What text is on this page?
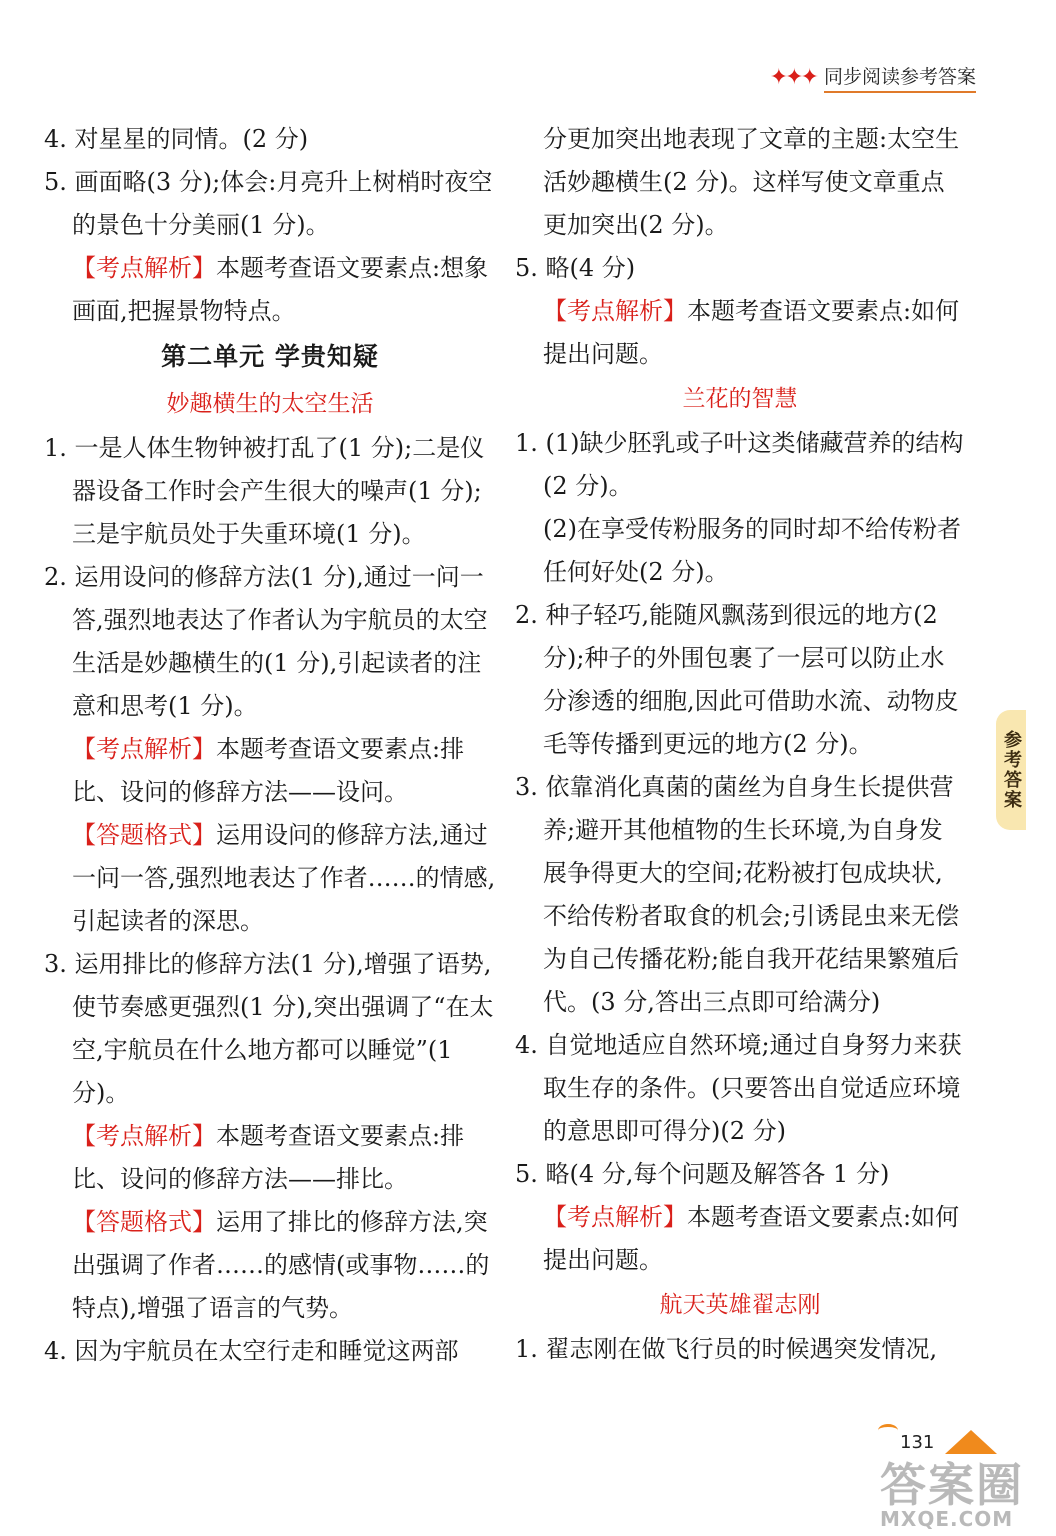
✦✦✦ 同步阅读参考答案

4. 对星星的同情。(2 分)

5. 画面略(3 分);体会:月亮升上树梢时夜空的景色十分美丽(1 分)。

【考点解析】本题考查语文要素点:想象画面,把握景物特点。

第二单元 学贵知疑

妙趣横生的太空生活

1. 一是人体生物钟被打乱了(1 分);二是仪器设备工作时会产生很大的噪声(1 分);三是宇航员处于失重环境(1 分)。

2. 运用设问的修辞方法(1 分),通过一问一答,强烈地表达了作者认为宇航员的太空生活是妙趣横生的(1 分),引起读者的注意和思考(1 分)。

【考点解析】本题考查语文要素点:排比、设问的修辞方法——设问。

【答题格式】运用设问的修辞方法,通过一问一答,强烈地表达了作者……的情感,引起读者的深思。

3. 运用排比的修辞方法(1 分),增强了语势,使节奏感更强烈(1 分),突出强调了“在太空,宇航员在什么地方都可以睡觉”(1 分)。

【考点解析】本题考查语文要素点:排比、设问的修辞方法——排比。

【答题格式】运用了排比的修辞方法,突出强调了作者……的感情(或事物……的特点),增强了语言的气势。

4. 因为宇航员在太空行走和睡觉这两部

分更加突出地表现了文章的主题:太空生活妙趣横生(2 分)。这样写使文章重点更加突出(2 分)。

5. 略(4 分)

【考点解析】本题考查语文要素点:如何提出问题。

兰花的智慧

1. (1)缺少胚乳或子叶这类储藏营养的结构(2 分)。

(2)在享受传粉服务的同时却不给传粉者任何好处(2 分)。

2. 种子轻巧,能随风飘荡到很远的地方(2 分);种子的外围包裹了一层可以防止水分渗透的细胞,因此可借助水流、动物皮毛等传播到更远的地方(2 分)。

3. 依靠消化真菌的菌丝为自身生长提供营养;避开其他植物的生长环境,为自身发展争得更大的空间;花粉被打包成块状,不给传粉者取食的机会;引诱昆虫来无偿为自己传播花粉;能自我开花结果繁殖后代。(3 分,答出三点即可给满分)

4. 自觉地适应自然环境;通过自身努力来获取生存的条件。(只要答出自觉适应环境的意思即可得分)(2 分)

5. 略(4 分,每个问题及解答各 1 分)

【考点解析】本题考查语文要素点:如何提出问题。

航天英雄翟志刚

1. 翟志刚在做飞行员的时候遇突发情况,

参考答案
131
答案圈
MXQE.COM
